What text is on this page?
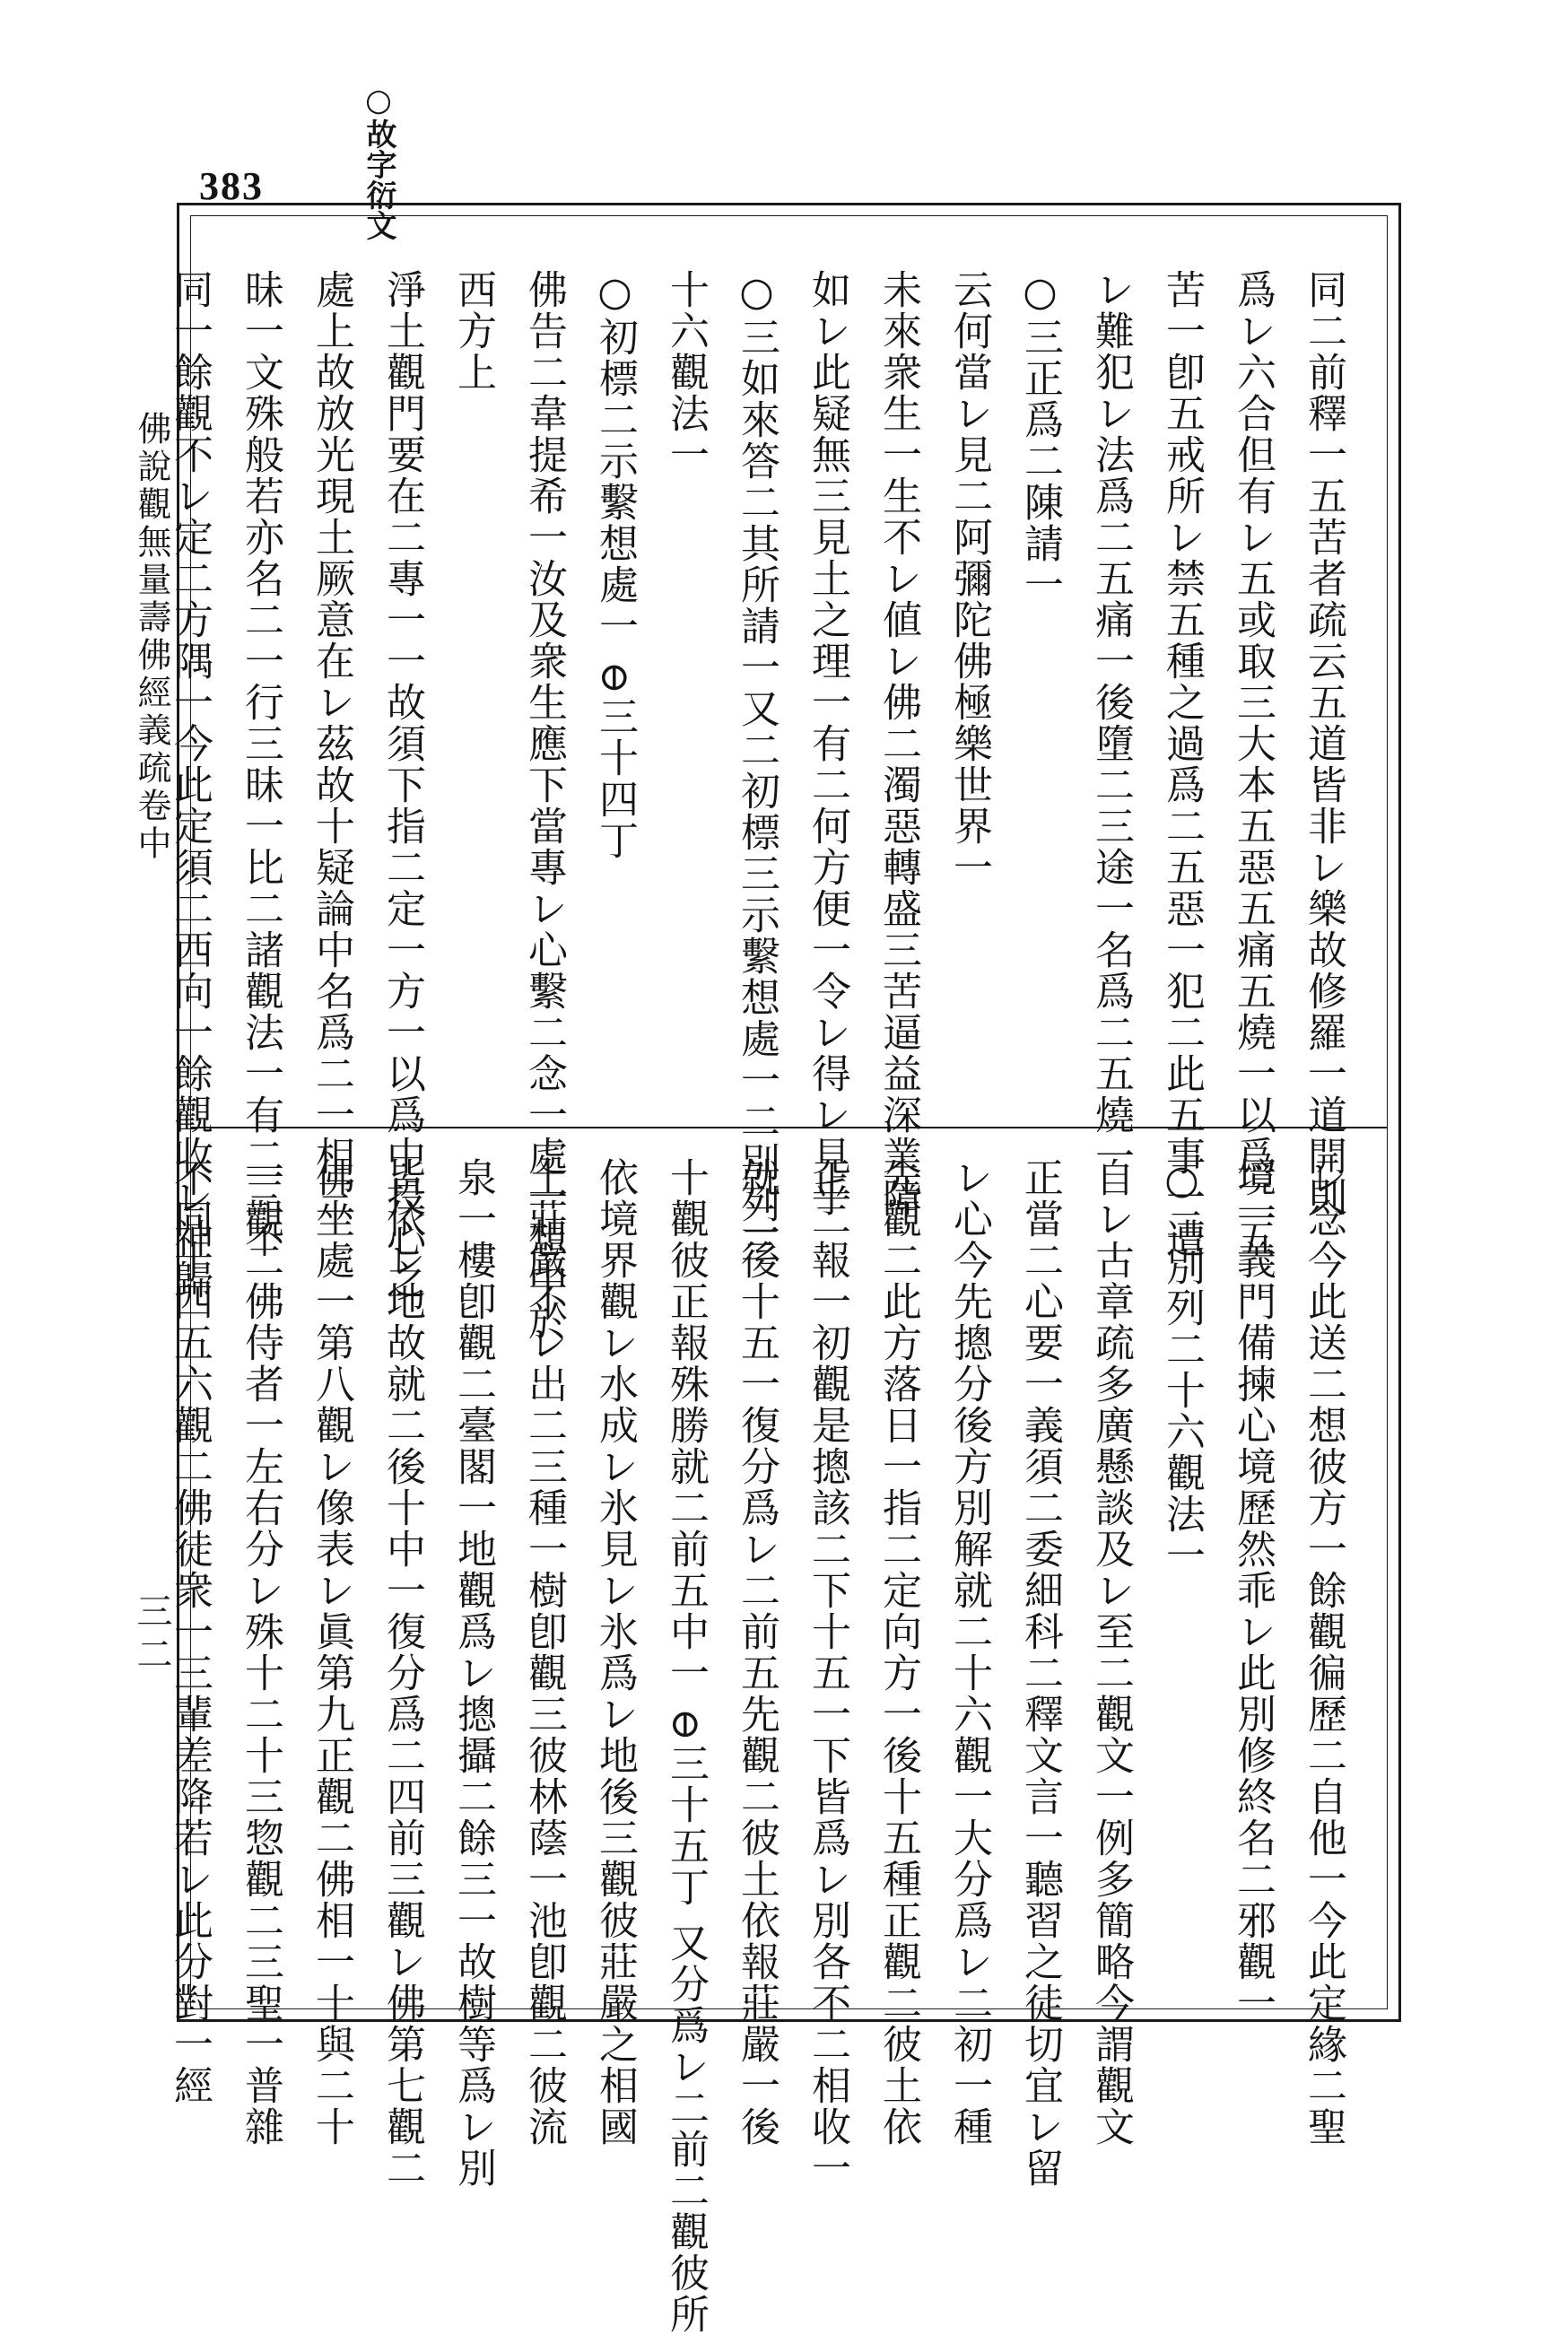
383	○故字衍文
佛說觀無量壽佛經義疏卷中
三二
同二前釋一五苦者疏云五道皆非レ樂故修羅一道開則
爲レ六合但有レ五或取三大本五惡五痛五燒一以爲二五
苦一卽五戒所レ禁五種之過爲二五惡一犯二此五事一遭
レ難犯レ法爲二五痛一後墮二三途一名爲二五燒一
○三正爲二陳請一
云何當レ見二阿彌陀佛極樂世界一
未來衆生一生不レ値レ佛二濁惡轉盛三苦逼益深業障
如レ此疑無三見土之理一有二何方便一令レ得レ見乎
○三如來答二其所請一又二初標三示繫想處一二別列三
十六觀法一
○初標二示繫想處一 ⊖三十四丁
佛告二韋提希一汝及衆生應下當專レ心繫二念一處一想中於
西方上
淨土觀門要在二專一一故須下指二定一方一以爲中投心之
處上故放光現土厥意在レ茲故十疑論中名爲二一相三
昧一文殊般若亦名二一行三昧一比二諸觀法一有二三不
同一餘觀不レ定二方隅一今此定須二西向一餘觀收レ神歸
レ念今此送二想彼方一餘觀徧歷二自他一今此定緣二聖
境一義門備揀心境歷然乖レ此別修終名二邪觀一
○二別列二十六觀法一
自レ古章疏多廣懸談及レ至二觀文一例多簡略今謂觀文
正當二心要一義須二委細科二釋文言一聽習之徒切宜レ留
レ心今先摠分後方別解就二十六觀一大分爲レ二初一種
先觀二此方落日一指二定向方一後十五種正觀二彼土依
正二報一初觀是摠該二下十五一下皆爲レ別各不二相收一
就二後十五一復分爲レ二前五先觀二彼土依報莊嚴一後
十觀彼正報殊勝就二前五中一 ⊖三十五丁 又分爲レ二前二觀彼所
依境界觀レ水成レ氷見レ氷爲レ地後三觀彼莊嚴之相國
土莊嚴不レ出二三種一樹卽觀三彼林蔭一池卽觀二彼流
泉一樓卽觀二臺閣一地觀爲レ摠攝二餘三一故樹等爲レ別
皆依レ地故就二後十中一復分爲二四前三觀レ佛第七觀二
佛坐處一第八觀レ像表レ眞第九正觀二佛相一十與二十
一觀二佛侍者一左右分レ殊十二十三惣觀二三聖一普雜
不同十四五六觀二佛徒衆一三輩差降若レ此分對一經
